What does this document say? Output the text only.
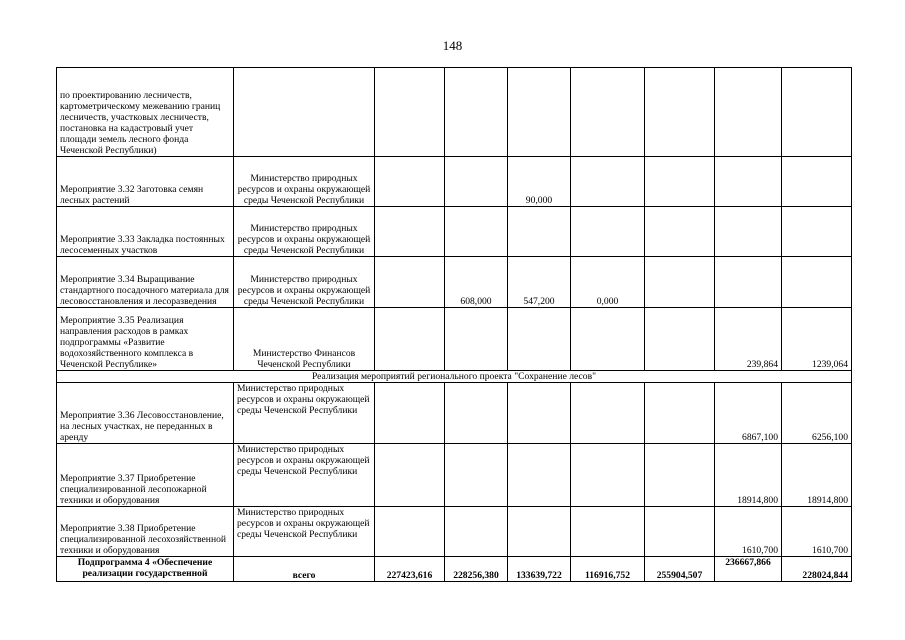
148
по проектированию лесничеств, картометрическому межеванию границ лесничеств, участковых лесничеств, постановка на кадастровый учет площади земель лесного фонда Чеченской Республики)								
Мероприятие 3.32 Заготовка семян лесных растений	Министерство природных ресурсов и охраны окружающей среды Чеченской Республики			90,000				
Мероприятие 3.33 Закладка постоянных лесосеменных участков	Министерство природных ресурсов и охраны окружающей среды Чеченской Республики							
Мероприятие 3.34 Выращивание стандартного посадочного материала для лесовосстановления и лесоразведения	Министерство природных ресурсов и охраны окружающей среды Чеченской Республики		608,000	547,200	0,000			
Мероприятие 3.35 Реализация направления расходов в рамках подпрограммы «Развитие водохозяйственного комплекса в Чеченской Республике»	Министерство Финансов Чеченской Республики						239,864	1239,064
Реализация мероприятий регионального проекта "Сохранение лесов"								
Мероприятие 3.36 Лесовосстановление, на лесных участках, не переданных в аренду	Министерство природных ресурсов и охраны окружающей среды Чеченской Республики						6867,100	6256,100
Мероприятие 3.37 Приобретение специализированной лесопожарной техники и оборудования	Министерство природных ресурсов и охраны окружающей среды Чеченской Республики						18914,800	18914,800
Мероприятие 3.38 Приобретение специализированной лесохозяйственной техники и оборудования	Министерство природных ресурсов и охраны окружающей среды Чеченской Республики						1610,700	1610,700
Подпрограмма 4 «Обеспечение реализации государственной	всего	227423,616	228256,380	133639,722	116916,752	255904,507	236667,866	228024,844
